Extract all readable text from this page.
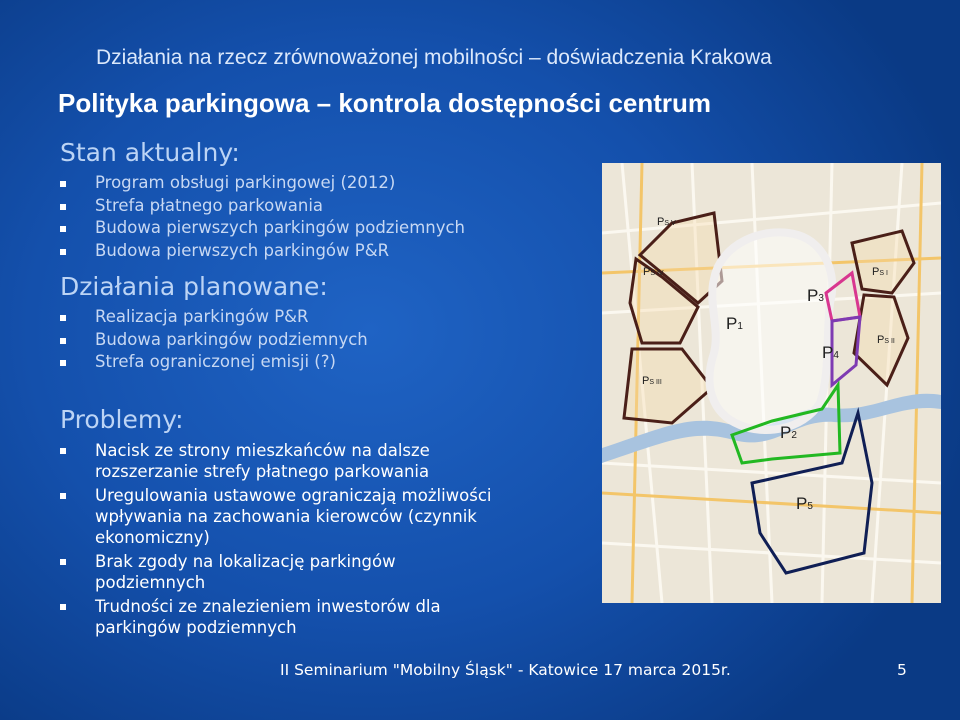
Działania na rzecz zrównoważonej mobilności – doświadczenia Krakowa
Polityka parkingowa – kontrola dostępności centrum
Stan aktualny:
Program obsługi parkingowej (2012)
Strefa płatnego parkowania
Budowa pierwszych parkingów podziemnych
Budowa pierwszych parkingów P&R
Działania planowane:
Realizacja parkingów P&R
Budowa parkingów podziemnych
Strefa ograniczonej emisji (?)
Problemy:
Nacisk ze strony mieszkańców na dalsze
rozszerzanie strefy płatnego parkowania
Uregulowania ustawowe ograniczają możliwości
wpływania na zachowania kierowców (czynnik
ekonomiczny)
Brak zgody na lokalizację parkingów
podziemnych
Trudności ze znalezieniem inwestorów dla
parkingów podziemnych
PS V
PS IV
PS III
PS I
PS II
P1
P2
P3
P4
P5
II Seminarium "Mobilny Śląsk" - Katowice 17 marca 2015r.	5
